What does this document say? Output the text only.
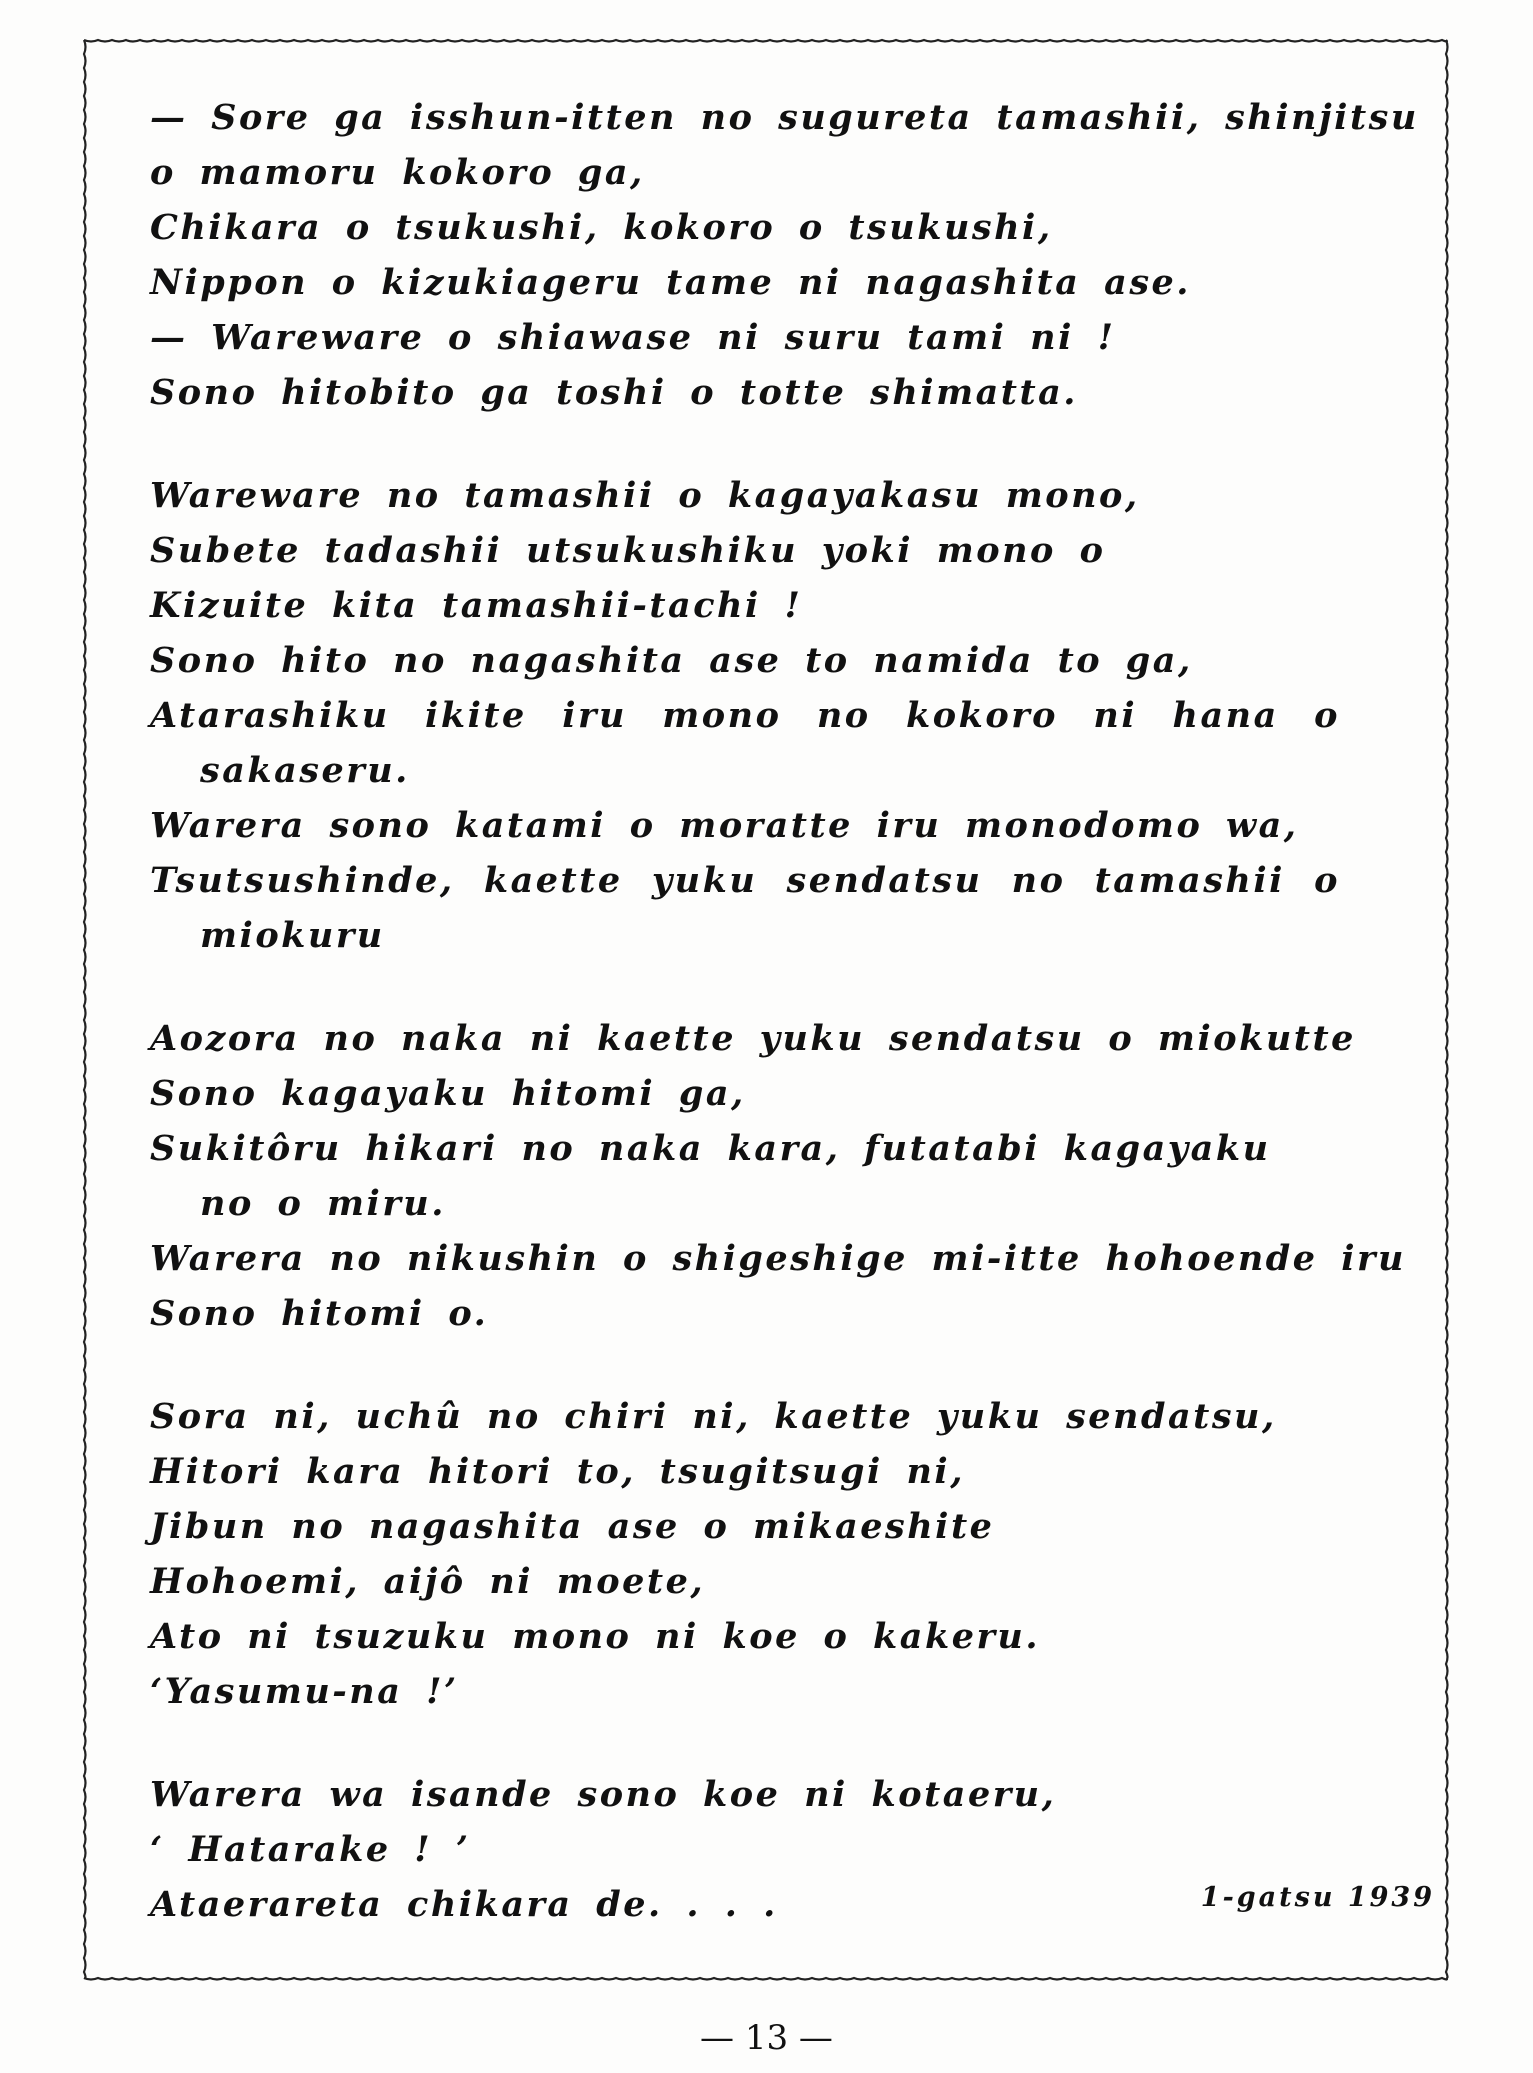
— Sore ga isshun-itten no sugureta tamashii, shinjitsu
o mamoru kokoro ga,
Chikara o tsukushi, kokoro o tsukushi,
Nippon o kizukiageru tame ni nagashita ase.
— Wareware o shiawase ni suru tami ni !
Sono hitobito ga toshi o totte shimatta.
Wareware no tamashii o kagayakasu mono,
Subete tadashii utsukushiku yoki mono o
Kizuite kita tamashii-tachi !
Sono hito no nagashita ase to namida to ga,
Atarashiku ikite iru mono no kokoro ni hana o
sakaseru.
Warera sono katami o moratte iru monodomo wa,
Tsutsushinde, kaette yuku sendatsu no tamashii o
miokuru
Aozora no naka ni kaette yuku sendatsu o miokutte
Sono kagayaku hitomi ga,
Sukitôru hikari no naka kara, futatabi kagayaku
no o miru.
Warera no nikushin o shigeshige mi-itte hohoende iru
Sono hitomi o.
Sora ni, uchû no chiri ni, kaette yuku sendatsu,
Hitori kara hitori to, tsugitsugi ni,
Jibun no nagashita ase o mikaeshite
Hohoemi, aijô ni moete,
Ato ni tsuzuku mono ni koe o kakeru.
‘Yasumu-na !’
Warera wa isande sono koe ni kotaeru,
‘ Hatarake ! ’
Ataerareta chikara de. . . .	1-gatsu 1939
— 13 —
